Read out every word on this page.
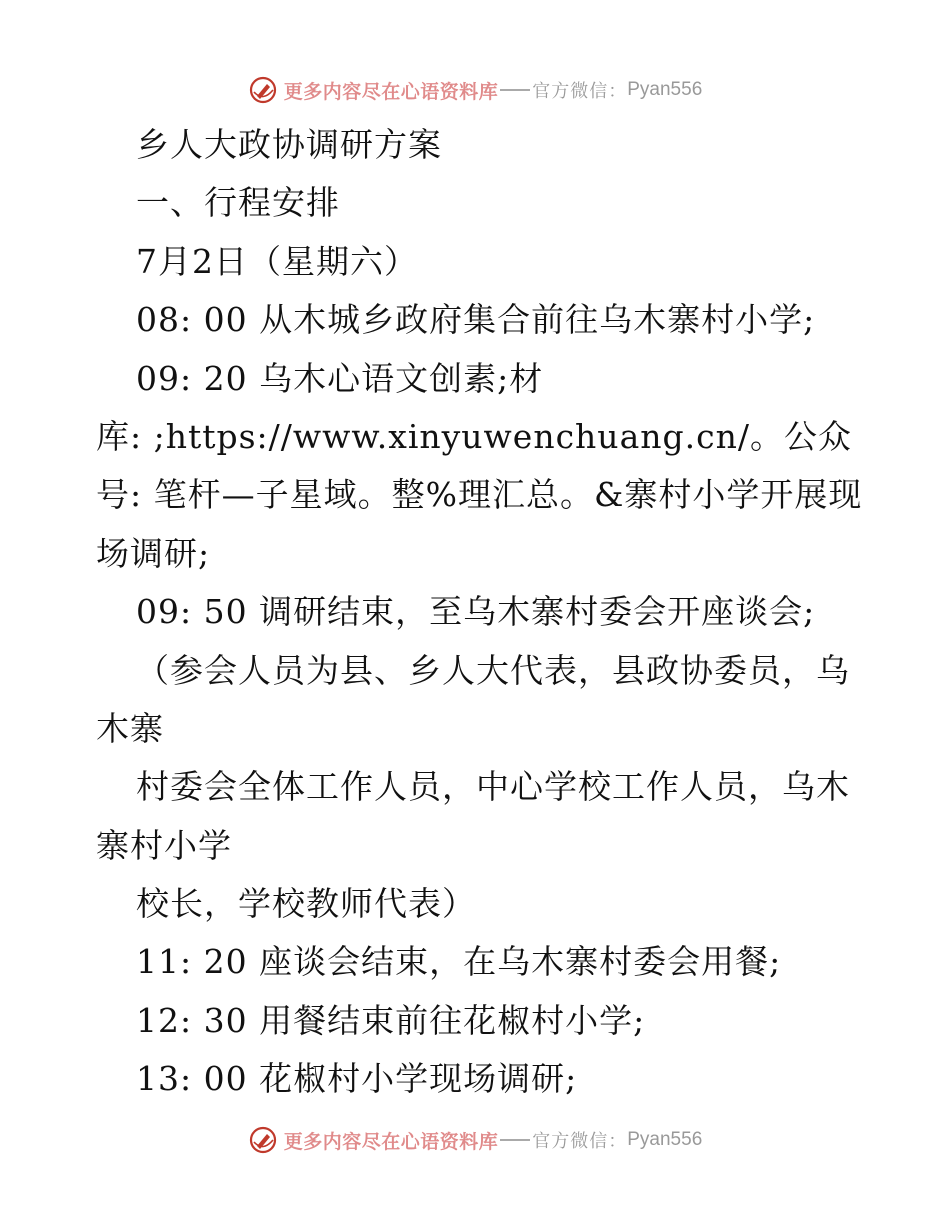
更多内容尽在心语资料库 官方微信： Pyan556
乡人大政协调研方案
一、行程安排
7月2日（星期六）
08: 00 从木城乡政府集合前往乌木寨村小学;
09: 20 乌木心语文创素;材
库: ;https://www.xinyuwenchuang.cn/。公众
号: 笔杆—子星域。整%理汇总。&寨村小学开展现
场调研;
09: 50 调研结束，至乌木寨村委会开座谈会;
（参会人员为县、乡人大代表，县政协委员，乌
木寨
村委会全体工作人员，中心学校工作人员，乌木
寨村小学
校长，学校教师代表）
11: 20 座谈会结束，在乌木寨村委会用餐;
12: 30 用餐结束前往花椒村小学;
13: 00 花椒村小学现场调研;
更多内容尽在心语资料库 官方微信： Pyan556
